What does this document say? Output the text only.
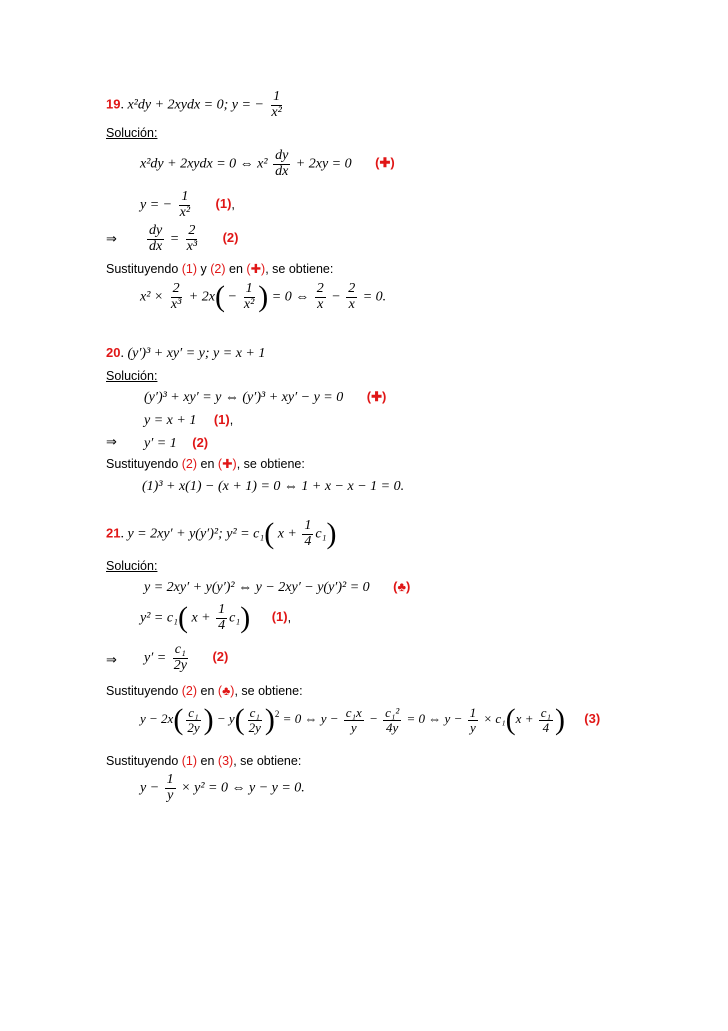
19. x²dy + 2xydx = 0; y = − $\frac{1}{\text{x²}}$
Solución:
x²dy + 2xydx = 0 ⇔ $x^2 \frac{dy}{dx} + 2xy = 0$ (✚)
y = − $\frac{1}{\text{x²}} (1)$,
⇒ $\frac{dy}{dx} = \frac{2}{\text{x³}} (2)$
Sustituyendo (1) y (2) en (✚), se obtiene:
$x^2 \times \frac{2}{\text{x³}} + 2x( - \frac{1}{\text{x²}}$ ) = 0 ⇔ $\frac{2}{x} - \frac{2}{x} = 0$.
20. (y′)³ + xy′ = y; y = x + 1
Solución:
(y′)³ + xy′ = y ⇔ (y′)³ + xy′ − y = 0 (✚)
y = x + 1 (1),
⇒ y′ = 1 (2)
Sustituyendo (2) en (✚), se obtiene:
(1)³ + x(1) − (x + 1) = 0 ⇔ 1 + x − x − 1 = 0.
21. y = 2xy′ + y(y′)²; y² = c₁( $x + \frac{1}{4} c_1$)
Solución:
y = 2xy′ + y(y′)² ⇔ y − 2xy′ − y(y′)² = 0 (♣)
y² = c₁( $x + \frac{1}{4} c_1$) (1),
⇒ $y' = \frac{\text{c₁}}{2y} (2)$
Sustituyendo (2) en (♣), se obtiene:
$y - 2x( \frac{\text{c₁}}{2y}$ ) − $y( \frac{\text{c₁}}{2y} )^2 = 0$ ⇔ $y - \frac{\text{c₁x}}{y} - \frac{\text{c₁²}}{4y} = 0$ ⇔ $y - \frac{1}{y} \times c_1(x + \frac{\text{c₁}}{4}$ ) (3)
Sustituyendo (1) en (3), se obtiene:
$y - \frac{1}{y} \times y^2 = 0$ ⇔ y − y = 0.
